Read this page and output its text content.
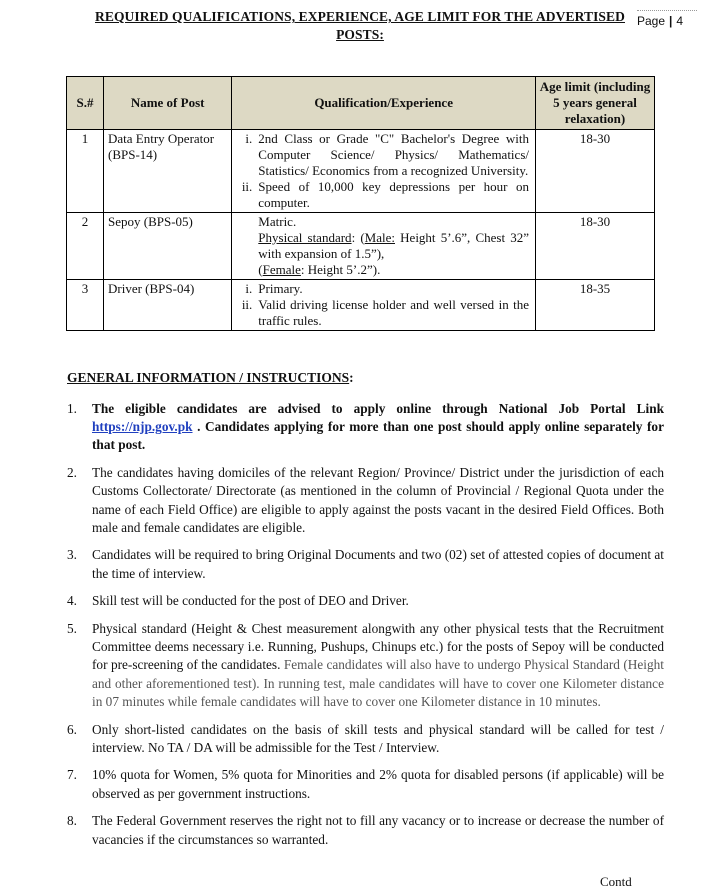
REQUIRED QUALIFICATIONS, EXPERIENCE, AGE LIMIT FOR THE ADVERTISED POSTS:
Page | 4
S.#	Name of Post	Qualification/Experience	Age limit (including 5 years general relaxation)
1	Data Entry Operator (BPS-14)	i. 2nd Class or Grade "C" Bachelor's Degree with Computer Science/ Physics/ Mathematics/ Statistics/ Economics from a recognized University.
ii. Speed of 10,000 key depressions per hour on computer.	18-30
2	Sepoy (BPS-05)	Matric.
Physical standard: (Male: Height 5’.6”, Chest 32” with expansion of 1.5”),
(Female: Height 5’.2”).	18-30
3	Driver (BPS-04)	i. Primary.
ii. Valid driving license holder and well versed in the traffic rules.	18-35
GENERAL INFORMATION / INSTRUCTIONS:
1.	The eligible candidates are advised to apply online through National Job Portal Link https://njp.gov.pk . Candidates applying for more than one post should apply online separately for that post.
2.	The candidates having domiciles of the relevant Region/ Province/ District under the jurisdiction of each Customs Collectorate/ Directorate (as mentioned in the column of Provincial / Regional Quota under the name of each Field Office) are eligible to apply against the posts vacant in the desired Field Offices. Both male and female candidates are eligible.
3.	Candidates will be required to bring Original Documents and two (02) set of attested copies of document at the time of interview.
4.	Skill test will be conducted for the post of DEO and Driver.
5.	Physical standard (Height & Chest measurement alongwith any other physical tests that the Recruitment Committee deems necessary i.e. Running, Pushups, Chinups etc.) for the posts of Sepoy will be conducted for pre-screening of the candidates. Female candidates will also have to undergo Physical Standard (Height and other aforementioned test). In running test, male candidates will have to cover one Kilometer distance in 07 minutes while female candidates will have to cover one Kilometer distance in 10 minutes.
6.	Only short-listed candidates on the basis of skill tests and physical standard will be called for test / interview. No TA / DA will be admissible for the Test / Interview.
7.	10% quota for Women, 5% quota for Minorities and 2% quota for disabled persons (if applicable) will be observed as per government instructions.
8.	The Federal Government reserves the right not to fill any vacancy or to increase or decrease the number of vacancies if the circumstances so warranted.
Contd
